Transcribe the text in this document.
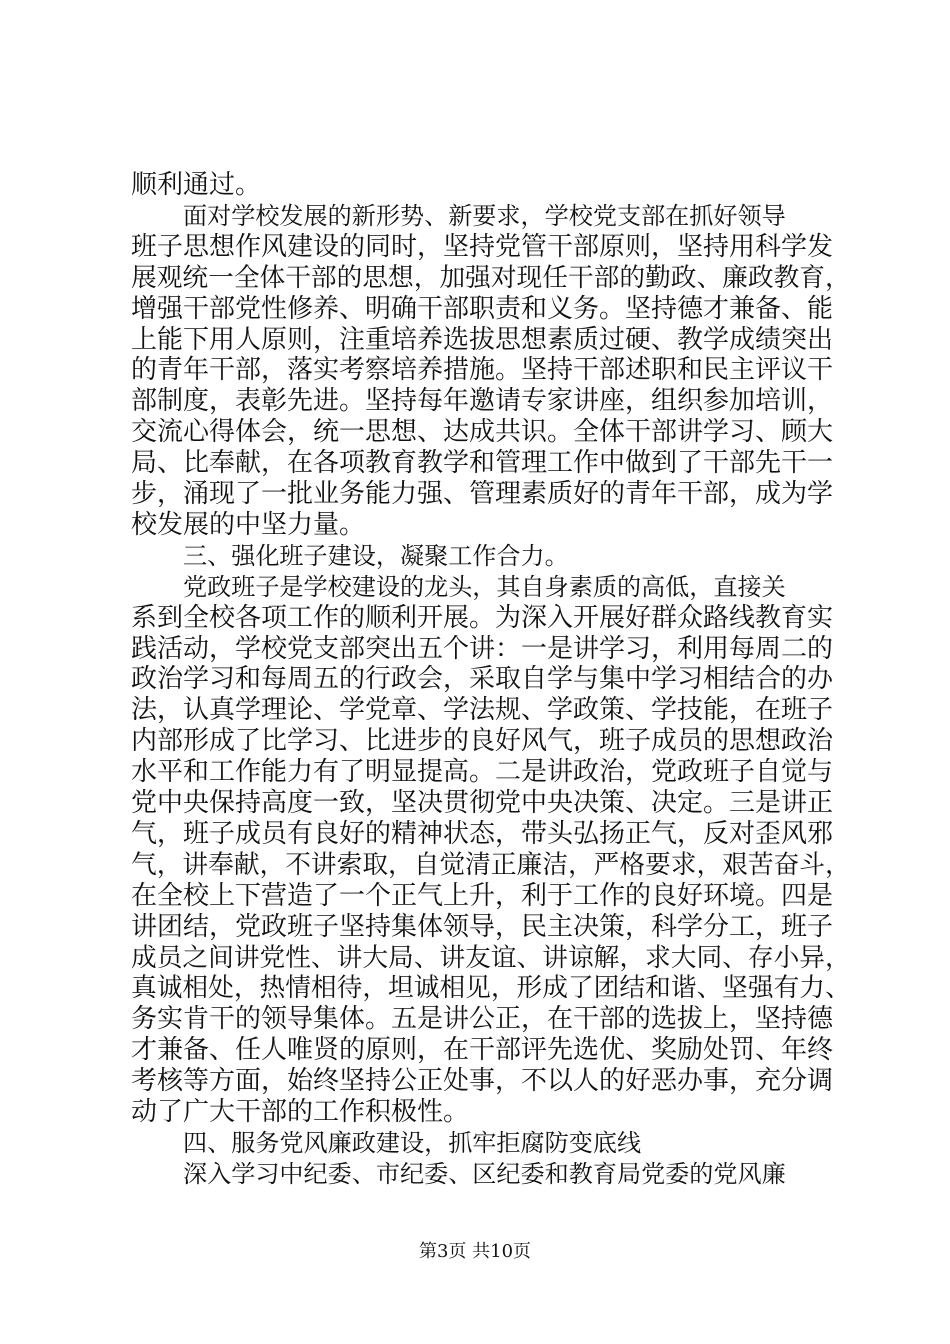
顺利通过。
面对学校发展的新形势、新要求，学校党支部在抓好领导
班子思想作风建设的同时，坚持党管干部原则，坚持用科学发
展观统一全体干部的思想，加强对现任干部的勤政、廉政教育，
增强干部党性修养、明确干部职责和义务。坚持德才兼备、能
上能下用人原则，注重培养选拔思想素质过硬、教学成绩突出
的青年干部，落实考察培养措施。坚持干部述职和民主评议干
部制度，表彰先进。坚持每年邀请专家讲座，组织参加培训，
交流心得体会，统一思想、达成共识。全体干部讲学习、顾大
局、比奉献，在各项教育教学和管理工作中做到了干部先干一
步，涌现了一批业务能力强、管理素质好的青年干部，成为学
校发展的中坚力量。
三、强化班子建设，凝聚工作合力。
党政班子是学校建设的龙头，其自身素质的高低，直接关
系到全校各项工作的顺利开展。为深入开展好群众路线教育实
践活动，学校党支部突出五个讲：一是讲学习，利用每周二的
政治学习和每周五的行政会，采取自学与集中学习相结合的办
法，认真学理论、学党章、学法规、学政策、学技能，在班子
内部形成了比学习、比进步的良好风气，班子成员的思想政治
水平和工作能力有了明显提高。二是讲政治，党政班子自觉与
党中央保持高度一致，坚决贯彻党中央决策、决定。三是讲正
气，班子成员有良好的精神状态，带头弘扬正气，反对歪风邪
气，讲奉献，不讲索取，自觉清正廉洁，严格要求，艰苦奋斗，
在全校上下营造了一个正气上升，利于工作的良好环境。四是
讲团结，党政班子坚持集体领导，民主决策，科学分工，班子
成员之间讲党性、讲大局、讲友谊、讲谅解，求大同、存小异，
真诚相处，热情相待，坦诚相见，形成了团结和谐、坚强有力、
务实肯干的领导集体。五是讲公正，在干部的选拔上，坚持德
才兼备、任人唯贤的原则，在干部评先选优、奖励处罚、年终
考核等方面，始终坚持公正处事，不以人的好恶办事，充分调
动了广大干部的工作积极性。
四、服务党风廉政建设，抓牢拒腐防变底线
深入学习中纪委、市纪委、区纪委和教育局党委的党风廉
第3页 共10页
